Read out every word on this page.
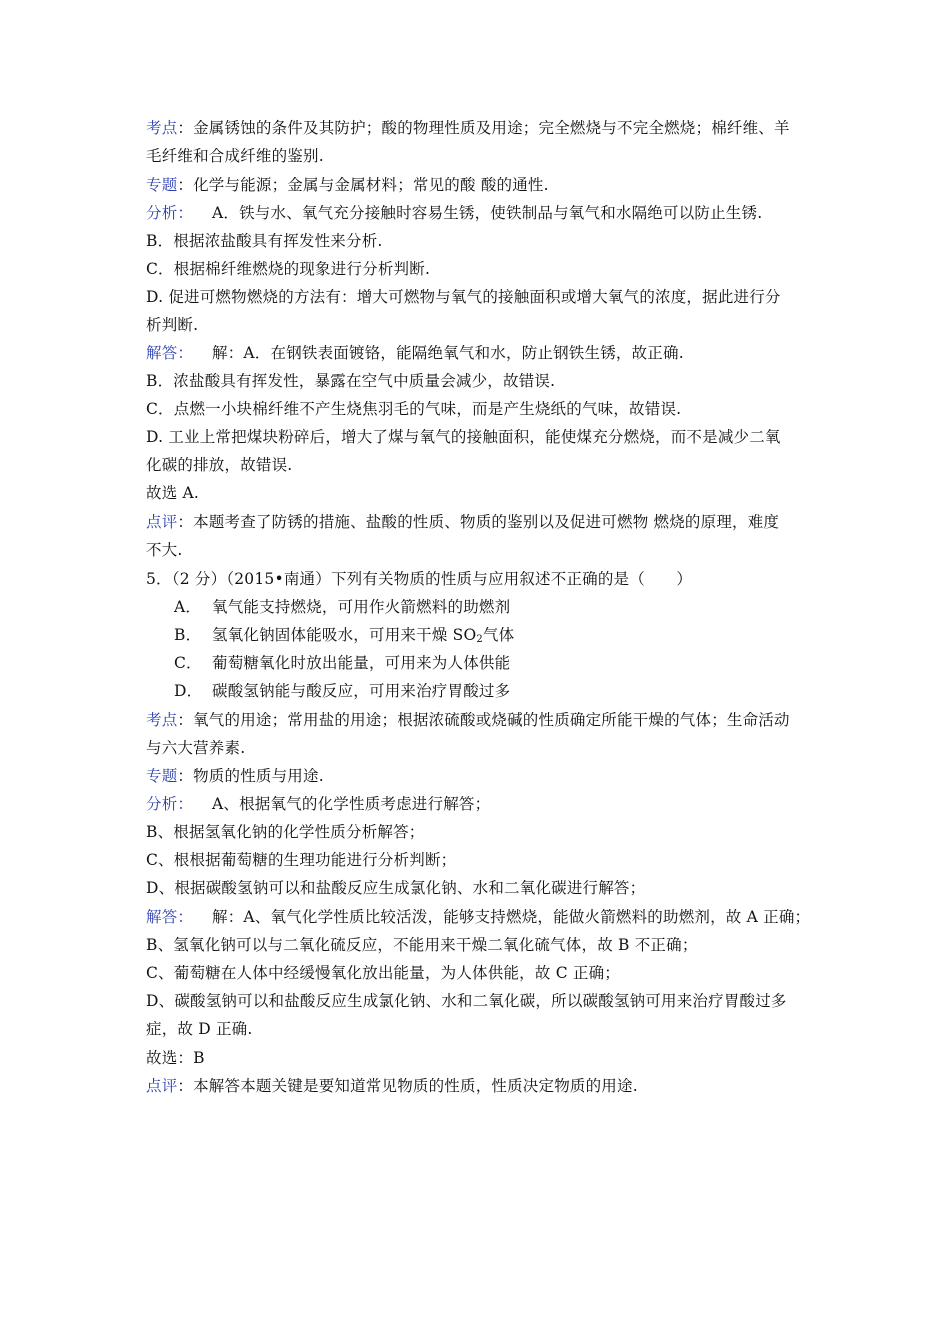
考点：金属锈蚀的条件及其防护；酸的物理性质及用途；完全燃烧与不完全燃烧；棉纤维、羊
毛纤维和合成纤维的鉴别.
专题：化学与能源；金属与金属材料；常见的酸 酸的通性.
分析： A．铁与水、氧气充分接触时容易生锈，使铁制品与氧气和水隔绝可以防止生锈.
B．根据浓盐酸具有挥发性来分析.
C．根据棉纤维燃烧的现象进行分析判断.
D. 促进可燃物燃烧的方法有：增大可燃物与氧气的接触面积或增大氧气的浓度，据此进行分
析判断.
解答： 解：A．在钢铁表面镀铬，能隔绝氧气和水，防止钢铁生锈，故正确.
B．浓盐酸具有挥发性，暴露在空气中质量会减少，故错误.
C．点燃一小块棉纤维不产生烧焦羽毛的气味，而是产生烧纸的气味，故错误.
D. 工业上常把煤块粉碎后，增大了煤与氧气的接触面积，能使煤充分燃烧，而不是减少二氧
化碳的排放，故错误.
故选 A.
点评：本题考查了防锈的措施、盐酸的性质、物质的鉴别以及促进可燃物 燃烧的原理，难度
不大.
5．（2 分）（2015•南通）下列有关物质的性质与应用叙述不正确的是（　　）
A． 氧气能支持燃烧，可用作火箭燃料的助燃剂
B． 氢氧化钠固体能吸水，可用来干燥 $SO_2$气体
C． 葡萄糖氧化时放出能量，可用来为人体供能
D． 碳酸氢钠能与酸反应，可用来治疗胃酸过多
考点：氧气的用途；常用盐的用途；根据浓硫酸或烧碱的性质确定所能干燥的气体；生命活动
与六大营养素.
专题：物质的性质与用途.
分析： A、根据氧气的化学性质考虑进行解答；
B、根据氢氧化钠的化学性质分析解答；
C、根根据葡萄糖的生理功能进行分析判断；
D、根据碳酸氢钠可以和盐酸反应生成氯化钠、水和二氧化碳进行解答；
解答： 解：A、氧气化学性质比较活泼，能够支持燃烧，能做火箭燃料的助燃剂，故 A 正确；
B、氢氧化钠可以与二氧化硫反应，不能用来干燥二氧化硫气体，故 B 不正确；
C、葡萄糖在人体中经缓慢氧化放出能量，为人体供能，故 C 正确；
D、碳酸氢钠可以和盐酸反应生成氯化钠、水和二氧化碳，所以碳酸氢钠可用来治疗胃酸过多
症，故 D 正确.
故选：B
点评：本解答本题关键是要知道常见物质的性质，性质决定物质的用途.
